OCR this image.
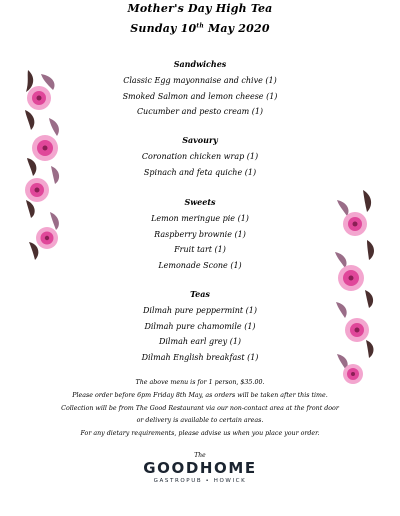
Mother's Day High Tea
Sunday 10th May 2020
Sandwiches
Classic Egg mayonnaise and chive (1)
Smoked Salmon and lemon cheese (1)
Cucumber and pesto cream (1)
Savoury
Coronation chicken wrap (1)
Spinach and feta quiche (1)
Sweets
Lemon meringue pie (1)
Raspberry brownie (1)
Fruit tart (1)
Lemonade Scone (1)
Teas
Dilmah pure peppermint (1)
Dilmah pure chamomile (1)
Dilmah earl grey (1)
Dilmah English breakfast (1)
The above menu is for 1 person, $35.00.
Please order before 6pm Friday 8th May, as orders will be taken after this time.
Collection will be from The Good Restaurant via our non-contact area at the front door
or delivery is available to certain areas.
For any dietary requirements, please advise us when you place your order.
The
GOODHOME
GASTROPUB • HOWICK
